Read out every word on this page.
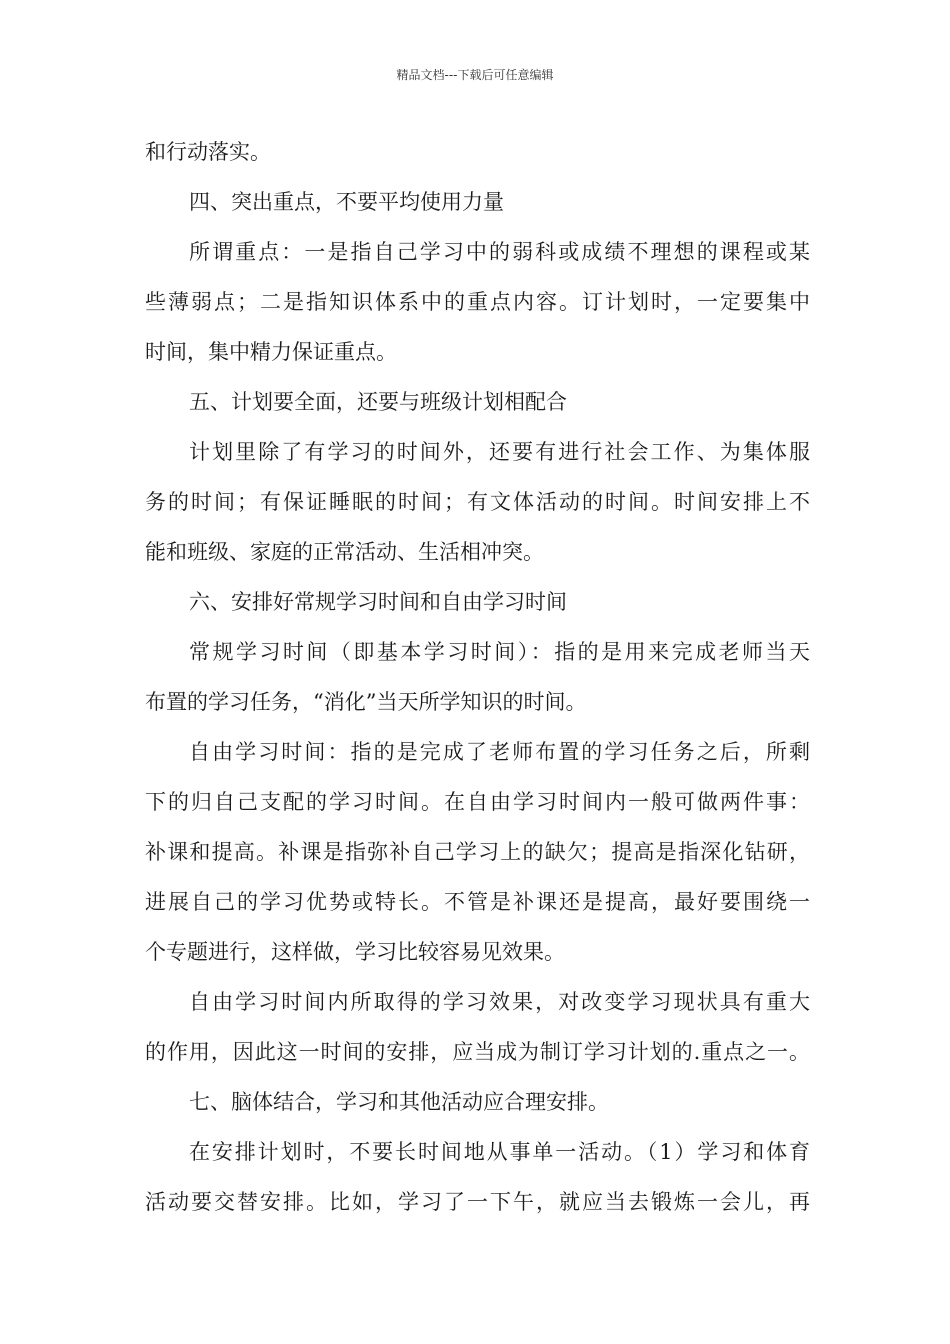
精品文档---下载后可任意编辑
和行动落实。
四、突出重点，不要平均使用力量
所谓重点：一是指自己学习中的弱科或成绩不理想的课程或某
些薄弱点；二是指知识体系中的重点内容。订计划时，一定要集中
时间，集中精力保证重点。
五、计划要全面，还要与班级计划相配合
计划里除了有学习的时间外，还要有进行社会工作、为集体服
务的时间；有保证睡眠的时间；有文体活动的时间。时间安排上不
能和班级、家庭的正常活动、生活相冲突。
六、安排好常规学习时间和自由学习时间
常规学习时间（即基本学习时间）：指的是用来完成老师当天
布置的学习任务，“消化”当天所学知识的时间。
自由学习时间：指的是完成了老师布置的学习任务之后，所剩
下的归自己支配的学习时间。在自由学习时间内一般可做两件事：
补课和提高。补课是指弥补自己学习上的缺欠；提高是指深化钻研，
进展自己的学习优势或特长。不管是补课还是提高，最好要围绕一
个专题进行，这样做，学习比较容易见效果。
自由学习时间内所取得的学习效果，对改变学习现状具有重大
的作用，因此这一时间的安排，应当成为制订学习计划的.重点之一。
七、脑体结合，学习和其他活动应合理安排。
在安排计划时，不要长时间地从事单一活动。（1）学习和体育
活动要交替安排。比如，学习了一下午，就应当去锻炼一会儿，再
